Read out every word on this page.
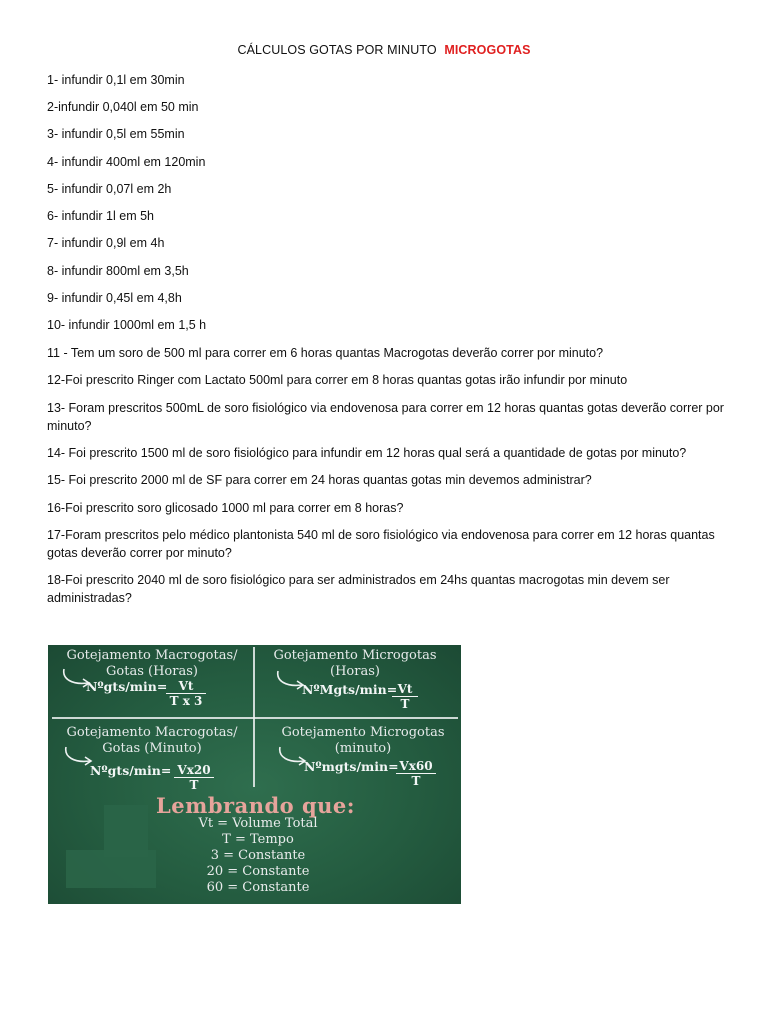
CÁLCULOS GOTAS POR MINUTO MICROGOTAS
1- infundir 0,1l em 30min
2-infundir 0,040l em 50 min
3- infundir 0,5l em 55min
4- infundir 400ml em 120min
5- infundir 0,07l em 2h
6- infundir 1l em 5h
7- infundir 0,9l em 4h
8- infundir 800ml em 3,5h
9- infundir 0,45l em 4,8h
10- infundir 1000ml em 1,5 h
11 - Tem um soro de 500 ml para correr em 6 horas quantas Macrogotas deverão correr por minuto?
12-Foi prescrito Ringer com Lactato 500ml para correr em 8 horas quantas gotas irão infundir por minuto
13- Foram prescritos 500mL de soro fisiológico via endovenosa para correr em 12 horas quantas gotas deverão correr por minuto?
14- Foi prescrito 1500 ml de soro fisiológico para infundir em 12 horas qual será a quantidade de gotas por minuto?
15- Foi prescrito 2000 ml de SF para correr em 24 horas quantas gotas min devemos administrar?
16-Foi prescrito soro glicosado 1000 ml para correr em 8 horas?
17-Foram prescritos pelo médico plantonista 540 ml de soro fisiológico via endovenosa para correr em 12 horas quantas gotas deverão correr por minuto?
18-Foi prescrito 2040 ml de soro fisiológico para ser administrados em 24hs quantas macrogotas min devem ser administradas?
Gotejamento Macrogotas/
Gotas (Horas)
Nºgts/min=
$\frac{Vt}{\text{T x 3}}$
Gotejamento Microgotas
(Horas)
NºMgts/min=
$\frac{Vt}{T}$
Gotejamento Macrogotas/
Gotas (Minuto)
Nºgts/min= $\frac{Vx20}{T}$
Gotejamento Microgotas
(minuto)
Nºmgts/min=
$\frac{Vx60}{T}$
Lembrando que:
Vt = Volume Total
T = Tempo
3 = Constante
20 = Constante
60 = Constante
